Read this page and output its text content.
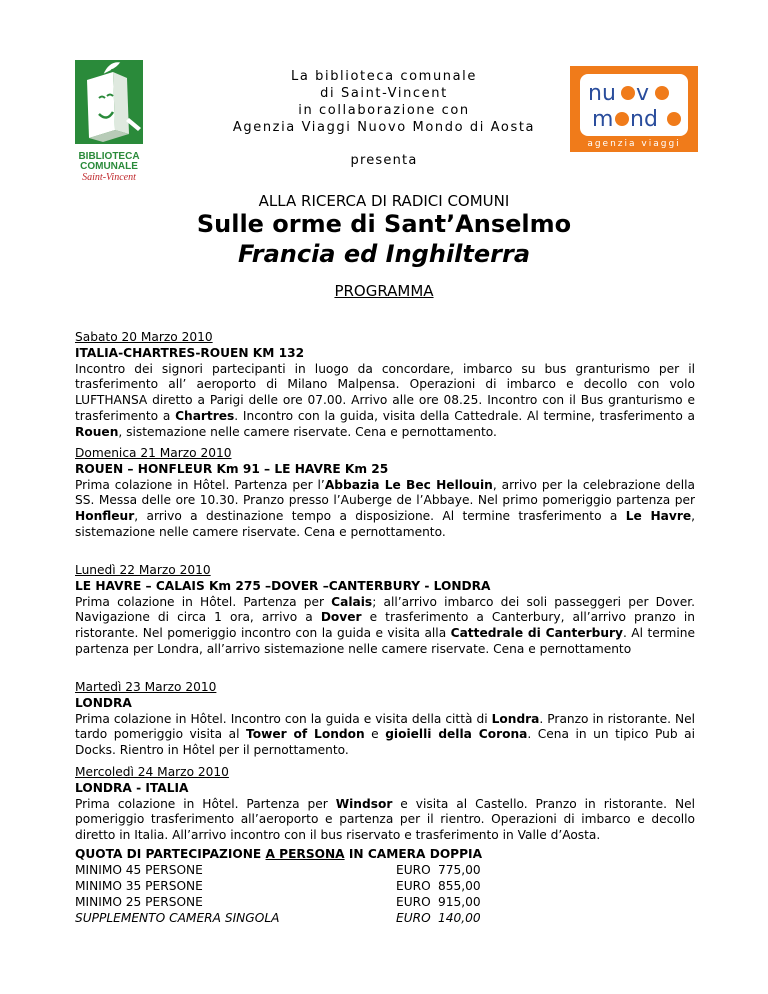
BIBLIOTECA
COMUNALE
Saint-Vincent
La biblioteca comunale
di Saint-Vincent
in collaborazione con
Agenzia Viaggi Nuovo Mondo di Aosta
presenta
nu v
m nd
agenzia viaggi
ALLA RICERCA DI RADICI COMUNI
Sulle orme di Sant’Anselmo
Francia ed Inghilterra
PROGRAMMA
Sabato 20 Marzo 2010
ITALIA-CHARTRES-ROUEN KM 132
Incontro dei signori partecipanti in luogo da concordare, imbarco su bus granturismo per il trasferimento all’ aeroporto di Milano Malpensa. Operazioni di imbarco e decollo con volo LUFTHANSA diretto a Parigi delle ore 07.00. Arrivo alle ore 08.25. Incontro con il Bus granturismo e trasferimento a Chartres. Incontro con la guida, visita della Cattedrale. Al termine, trasferimento a Rouen, sistemazione nelle camere riservate. Cena e pernottamento.
Domenica 21 Marzo 2010
ROUEN – HONFLEUR Km 91 – LE HAVRE Km 25
Prima colazione in Hôtel. Partenza per l’Abbazia Le Bec Hellouin, arrivo per la celebrazione della SS. Messa delle ore 10.30. Pranzo presso l’Auberge de l’Abbaye. Nel primo pomeriggio partenza per Honfleur, arrivo a destinazione tempo a disposizione. Al termine trasferimento a Le Havre, sistemazione nelle camere riservate. Cena e pernottamento.
Lunedì 22 Marzo 2010
LE HAVRE – CALAIS Km 275 –DOVER –CANTERBURY - LONDRA
Prima colazione in Hôtel. Partenza per Calais; all’arrivo imbarco dei soli passeggeri per Dover. Navigazione di circa 1 ora, arrivo a Dover e trasferimento a Canterbury, all’arrivo pranzo in ristorante. Nel pomeriggio incontro con la guida e visita alla Cattedrale di Canterbury. Al termine partenza per Londra, all’arrivo sistemazione nelle camere riservate. Cena e pernottamento
Martedì 23 Marzo 2010
LONDRA
Prima colazione in Hôtel. Incontro con la guida e visita della città di Londra. Pranzo in ristorante. Nel tardo pomeriggio visita al Tower of London e gioielli della Corona. Cena in un tipico Pub ai Docks. Rientro in Hôtel per il pernottamento.
Mercoledì 24 Marzo 2010
LONDRA - ITALIA
Prima colazione in Hôtel. Partenza per Windsor e visita al Castello. Pranzo in ristorante. Nel pomeriggio trasferimento all’aeroporto e partenza per il rientro. Operazioni di imbarco e decollo diretto in Italia. All’arrivo incontro con il bus riservato e trasferimento in Valle d’Aosta.
QUOTA DI PARTECIPAZIONE A PERSONA IN CAMERA DOPPIA
MINIMO 45 PERSONE	EURO 775,00
MINIMO 35 PERSONE	EURO 855,00
MINIMO 25 PERSONE	EURO 915,00
SUPPLEMENTO CAMERA SINGOLA	EURO 140,00
